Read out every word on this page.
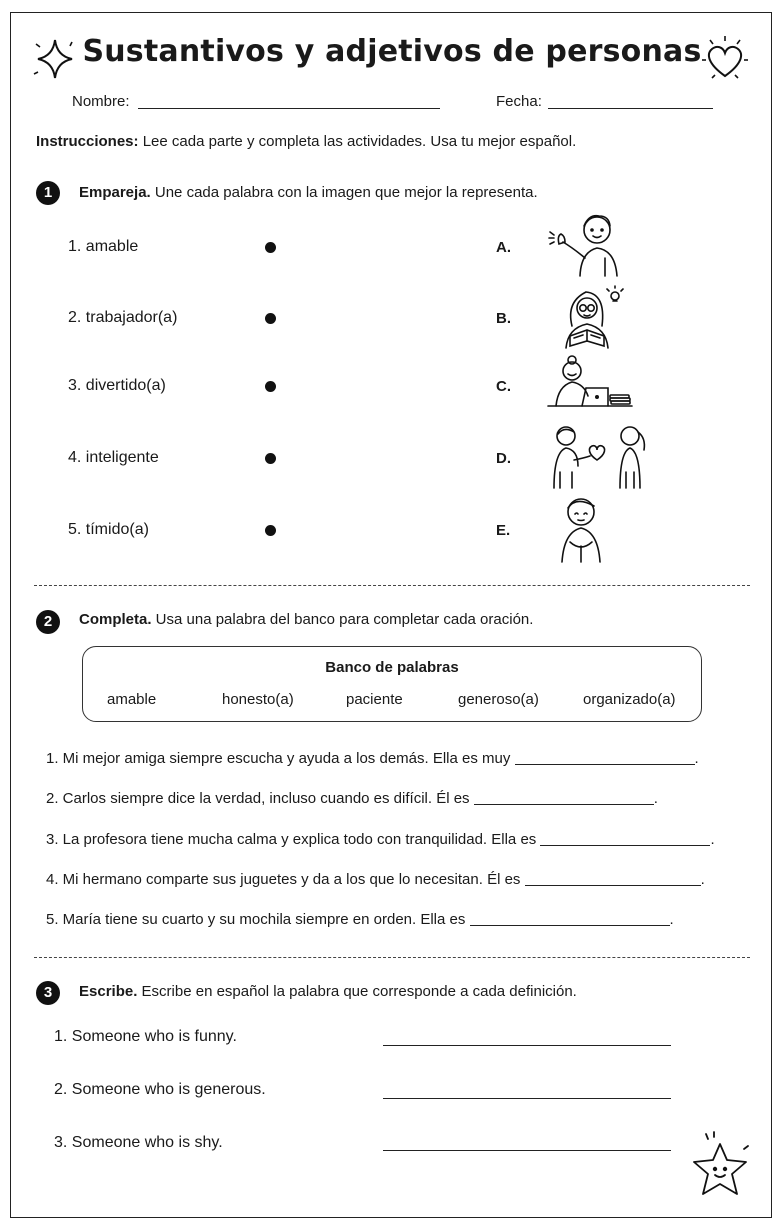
Sustantivos y adjetivos de personas
Nombre:	Fecha:
Instrucciones: Lee cada parte y completa las actividades. Usa tu mejor español.
1	Empareja. Une cada palabra con la imagen que mejor la representa.
1. amable
2. trabajador(a)
3. divertido(a)
4. inteligente
5. tímido(a)
A.
B.
C.
D.
E.
2	Completa. Usa una palabra del banco para completar cada oración.
Banco de palabras
amable	honesto(a)	paciente	generoso(a)	organizado(a)
1. Mi mejor amiga siempre escucha y ayuda a los demás. Ella es muy	.
2. Carlos siempre dice la verdad, incluso cuando es difícil. Él es	.
3. La profesora tiene mucha calma y explica todo con tranquilidad. Ella es	.
4. Mi hermano comparte sus juguetes y da a los que lo necesitan. Él es	.
5. María tiene su cuarto y su mochila siempre en orden. Ella es	.
3	Escribe. Escribe en español la palabra que corresponde a cada definición.
1. Someone who is funny.
2. Someone who is generous.
3. Someone who is shy.
